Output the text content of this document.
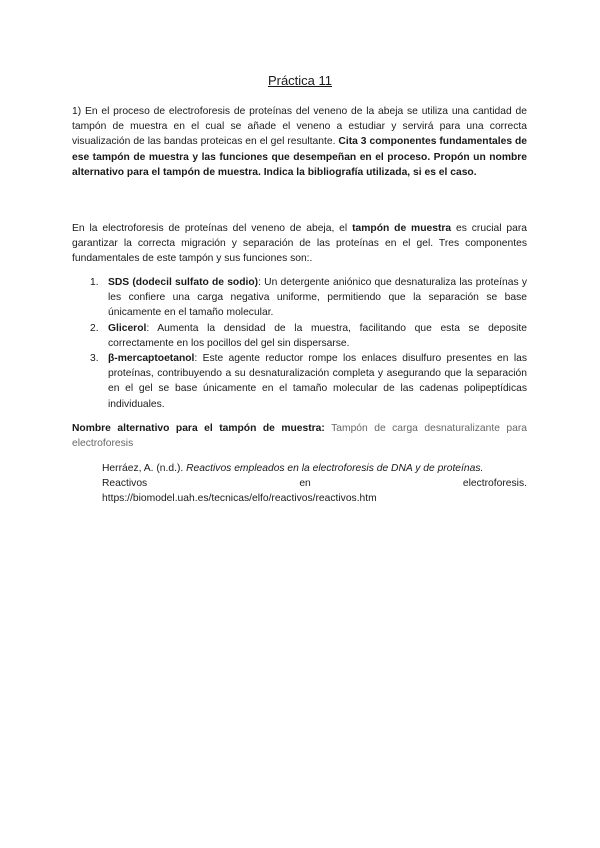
Práctica 11
1) En el proceso de electroforesis de proteínas del veneno de la abeja se utiliza una cantidad de tampón de muestra en el cual se añade el veneno a estudiar y servirá para una correcta visualización de las bandas proteicas en el gel resultante. Cita 3 componentes fundamentales de ese tampón de muestra y las funciones que desempeñan en el proceso. Propón un nombre alternativo para el tampón de muestra. Indica la bibliografía utilizada, si es el caso.
En la electroforesis de proteínas del veneno de abeja, el tampón de muestra es crucial para garantizar la correcta migración y separación de las proteínas en el gel. Tres componentes fundamentales de este tampón y sus funciones son:.
1. SDS (dodecil sulfato de sodio): Un detergente aniónico que desnaturaliza las proteínas y les confiere una carga negativa uniforme, permitiendo que la separación se base únicamente en el tamaño molecular.
2. Glicerol: Aumenta la densidad de la muestra, facilitando que esta se deposite correctamente en los pocillos del gel sin dispersarse.
3. β-mercaptoetanol: Este agente reductor rompe los enlaces disulfuro presentes en las proteínas, contribuyendo a su desnaturalización completa y asegurando que la separación en el gel se base únicamente en el tamaño molecular de las cadenas polipeptídicas individuales.
Nombre alternativo para el tampón de muestra: Tampón de carga desnaturalizante para electroforesis
Herráez, A. (n.d.). Reactivos empleados en la electroforesis de DNA y de proteínas.
Reactivos	en	electroforesis.
https://biomodel.uah.es/tecnicas/elfo/reactivos/reactivos.htm
